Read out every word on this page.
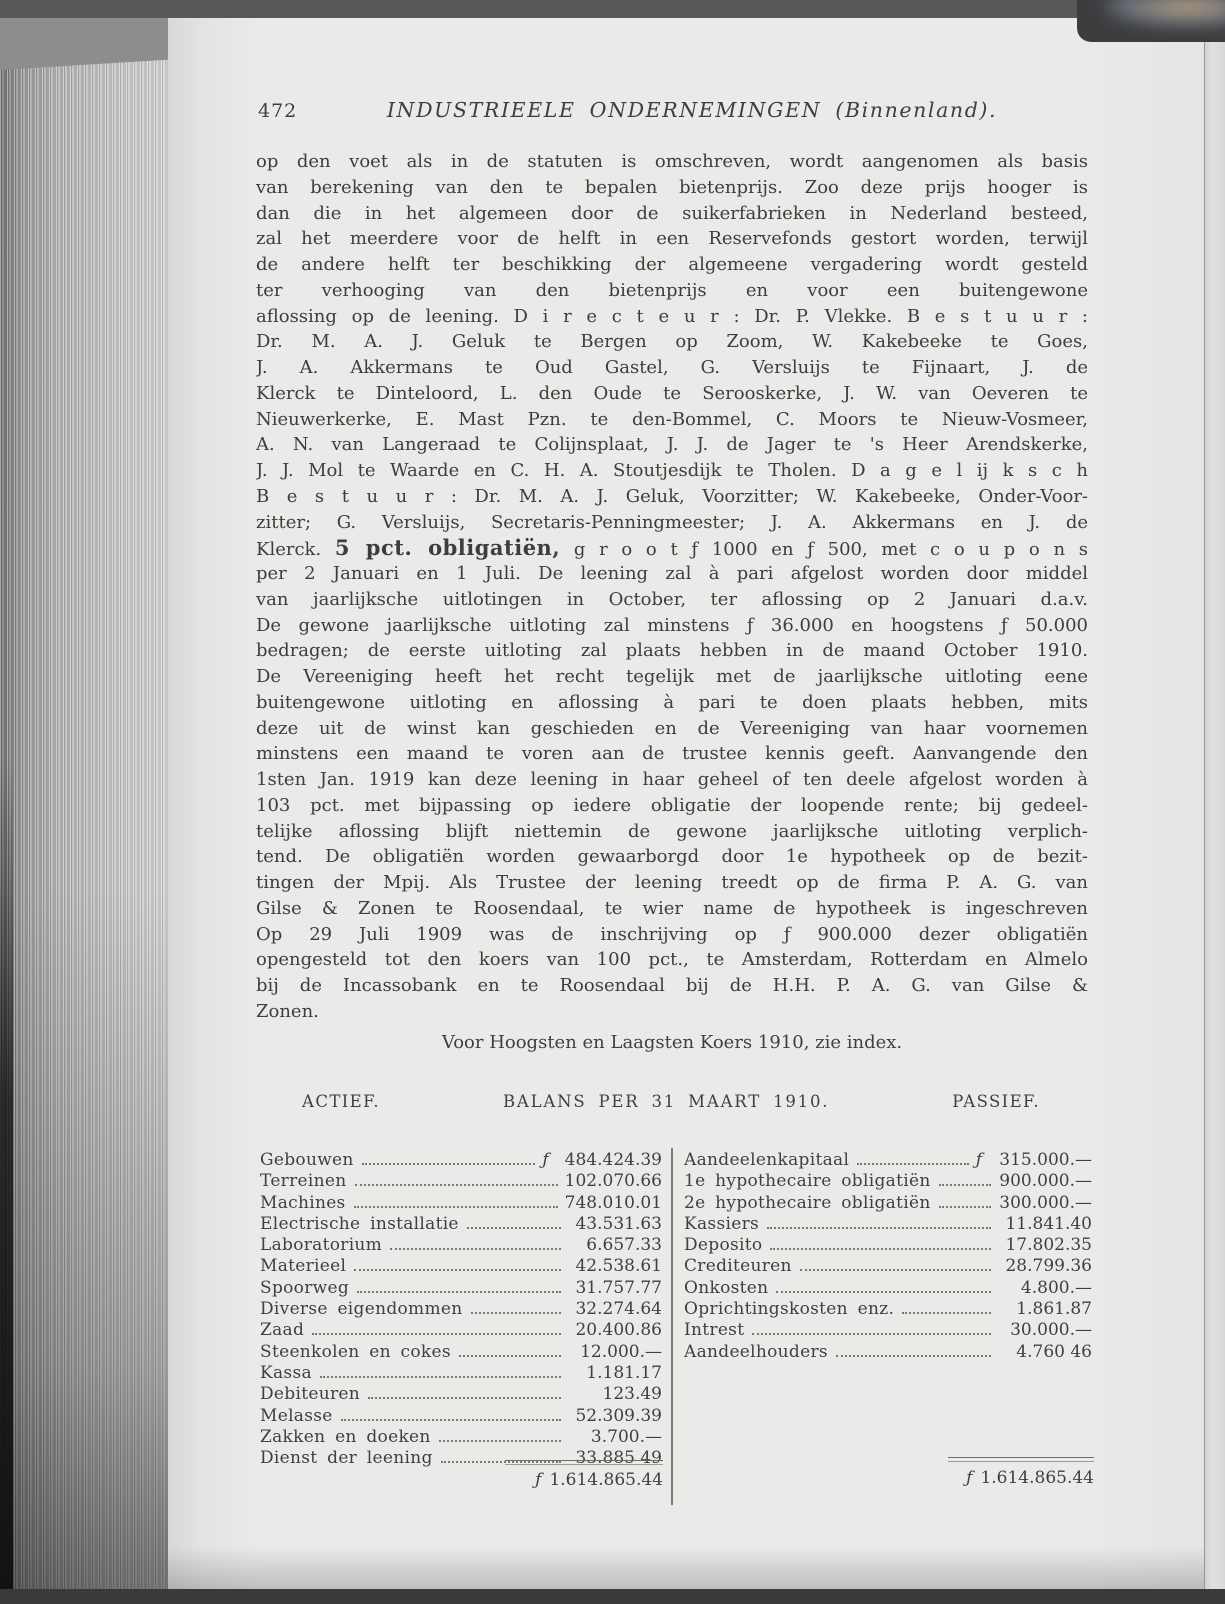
472	INDUSTRIEELE ONDERNEMINGEN (Binnenland).
op den voet als in de statuten is omschreven, wordt aangenomen als basis
van berekening van den te bepalen bietenprijs. Zoo deze prijs hooger is
dan die in het algemeen door de suikerfabrieken in Nederland besteed,
zal het meerdere voor de helft in een Reservefonds gestort worden, terwijl
de andere helft ter beschikking der algemeene vergadering wordt gesteld
ter verhooging van den bietenprijs en voor een buitengewone
aflossing op de leening. D i r e c t e u r : Dr. P. Vlekke. B e s t u u r :
Dr. M. A. J. Geluk te Bergen op Zoom, W. Kakebeeke te Goes,
J. A. Akkermans te Oud Gastel, G. Versluijs te Fijnaart, J. de
Klerck te Dinteloord, L. den Oude te Serooskerke, J. W. van Oeveren te
Nieuwerkerke, E. Mast Pzn. te den-Bommel, C. Moors te Nieuw-Vosmeer,
A. N. van Langeraad te Colijnsplaat, J. J. de Jager te 's Heer Arendskerke,
J. J. Mol te Waarde en C. H. A. Stoutjesdijk te Tholen. D a g e l ij k s c h
B e s t u u r : Dr. M. A. J. Geluk, Voorzitter; W. Kakebeeke, Onder-Voor-
zitter; G. Versluijs, Secretaris-Penningmeester; J. A. Akkermans en J. de
Klerck. 5 pct. obligatiën, g r o o t ƒ 1000 en ƒ 500, met c o u p o n s
per 2 Januari en 1 Juli. De leening zal à pari afgelost worden door middel
van jaarlijksche uitlotingen in October, ter aflossing op 2 Januari d.a.v.
De gewone jaarlijksche uitloting zal minstens ƒ 36.000 en hoogstens ƒ 50.000
bedragen; de eerste uitloting zal plaats hebben in de maand October 1910.
De Vereeniging heeft het recht tegelijk met de jaarlijksche uitloting eene
buitengewone uitloting en aflossing à pari te doen plaats hebben, mits
deze uit de winst kan geschieden en de Vereeniging van haar voornemen
minstens een maand te voren aan de trustee kennis geeft. Aanvangende den
1sten Jan. 1919 kan deze leening in haar geheel of ten deele afgelost worden à
103 pct. met bijpassing op iedere obligatie der loopende rente; bij gedeel-
telijke aflossing blijft niettemin de gewone jaarlijksche uitloting verplich-
tend. De obligatiën worden gewaarborgd door 1e hypotheek op de bezit-
tingen der Mpij. Als Trustee der leening treedt op de firma P. A. G. van
Gilse & Zonen te Roosendaal, te wier name de hypotheek is ingeschreven
Op 29 Juli 1909 was de inschrijving op ƒ 900.000 dezer obligatiën
opengesteld tot den koers van 100 pct., te Amsterdam, Rotterdam en Almelo
bij de Incassobank en te Roosendaal bij de H.H. P. A. G. van Gilse &
Zonen.
Voor Hoogsten en Laagsten Koers 1910, zie index.
ACTIEF.	BALANS PER 31 MAART 1910.	PASSIEF.
Gebouwen	ƒ 484.424.39
Terreinen	102.070.66
Machines	748.010.01
Electrische installatie	43.531.63
Laboratorium	6.657.33
Materieel	42.538.61
Spoorweg	31.757.77
Diverse eigendommen	32.274.64
Zaad	20.400.86
Steenkolen en cokes	12.000.—
Kassa	1.181.17
Debiteuren	123.49
Melasse	52.309.39
Zakken en doeken	3.700.—
Dienst der leening	33.885 49
Aandeelenkapitaal	ƒ 315.000.—
1e hypothecaire obligatiën	900.000.—
2e hypothecaire obligatiën	300.000.—
Kassiers	11.841.40
Deposito	17.802.35
Crediteuren	28.799.36
Onkosten	4.800.—
Oprichtingskosten enz.	1.861.87
Intrest	30.000.—
Aandeelhouders	4.760 46
ƒ 1.614.865.44	ƒ 1.614.865.44
